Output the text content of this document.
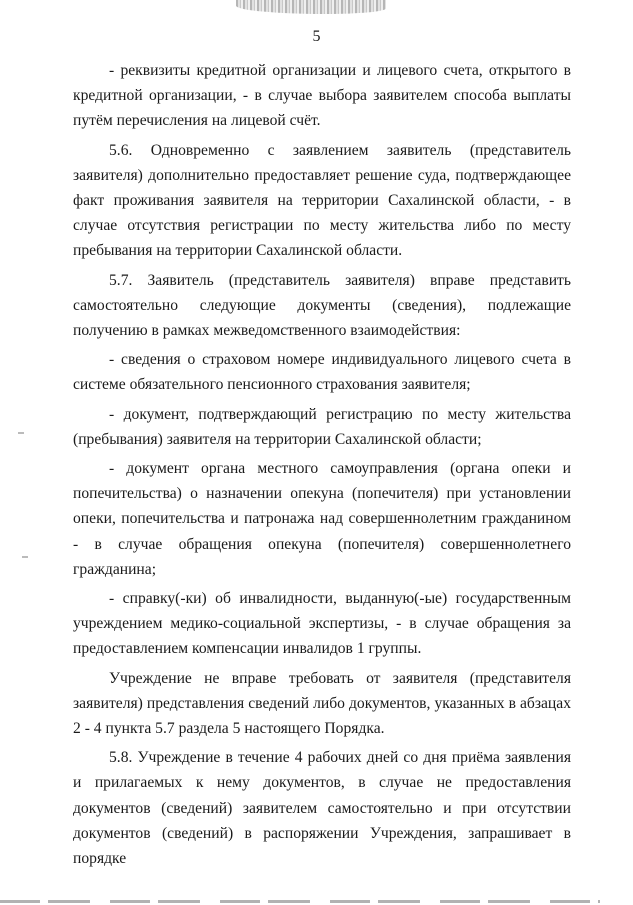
5

- реквизиты кредитной организации и лицевого счета, открытого в кредитной организации, - в случае выбора заявителем способа выплаты путём перечисления на лицевой счёт.

5.6. Одновременно с заявлением заявитель (представитель заявителя) дополнительно предоставляет решение суда, подтверждающее факт проживания заявителя на территории Сахалинской области, - в случае отсутствия регистрации по месту жительства либо по месту пребывания на территории Сахалинской области.

5.7. Заявитель (представитель заявителя) вправе представить самостоятельно следующие документы (сведения), подлежащие получению в рамках межведомственного взаимодействия:

- сведения о страховом номере индивидуального лицевого счета в системе обязательного пенсионного страхования заявителя;

- документ, подтверждающий регистрацию по месту жительства (пребывания) заявителя на территории Сахалинской области;

- документ органа местного самоуправления (органа опеки и попечительства) о назначении опекуна (попечителя) при установлении опеки, попечительства и патронажа над совершеннолетним гражданином - в случае обращения опекуна (попечителя) совершеннолетнего гражданина;

- справку(-ки) об инвалидности, выданную(-ые) государственным учреждением медико-социальной экспертизы, - в случае обращения за предоставлением компенсации инвалидов 1 группы.

Учреждение не вправе требовать от заявителя (представителя заявителя) представления сведений либо документов, указанных в абзацах 2 - 4 пункта 5.7 раздела 5 настоящего Порядка.

5.8. Учреждение в течение 4 рабочих дней со дня приёма заявления и прилагаемых к нему документов, в случае не предоставления документов (сведений) заявителем самостоятельно и при отсутствии документов (сведений) в распоряжении Учреждения, запрашивает в порядке
